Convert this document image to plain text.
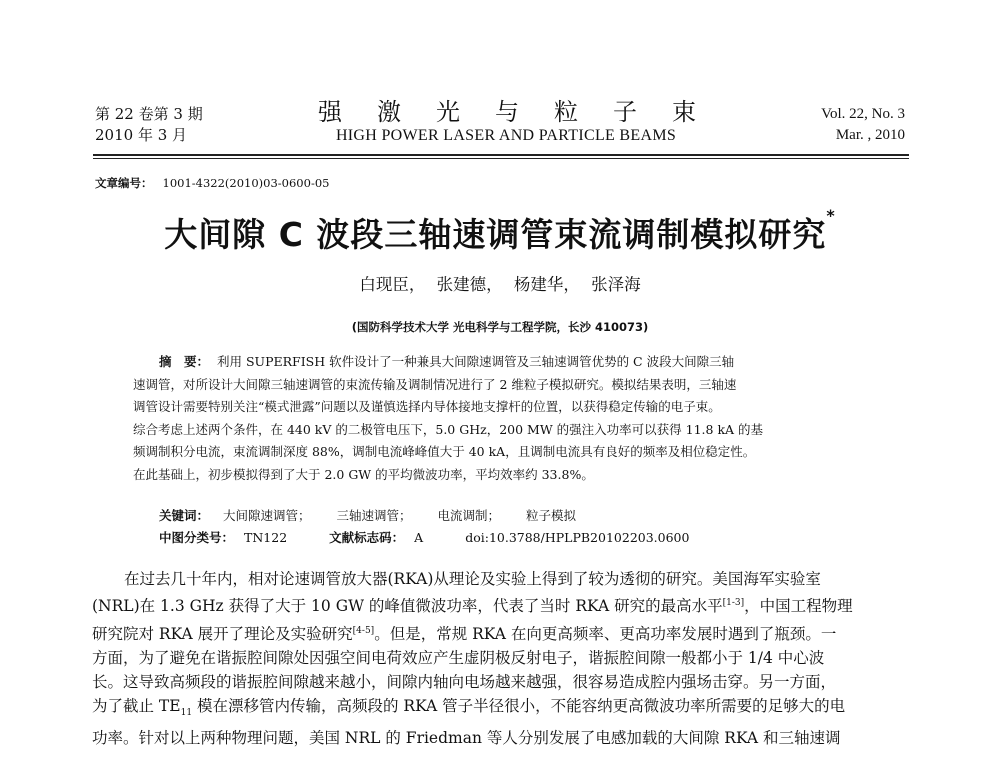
第 22 卷第 3 期
2010 年 3 月
强 激 光 与 粒 子 束
HIGH POWER LASER AND PARTICLE BEAMS
Vol. 22, No. 3
Mar. , 2010
文章编号： 1001-4322(2010)03-0600-05
大间隙 C 波段三轴速调管束流调制模拟研究*
白现臣， 张建德， 杨建华， 张泽海
(国防科学技术大学 光电科学与工程学院，长沙 410073)
摘　要： 利用 SUPERFISH 软件设计了一种兼具大间隙速调管及三轴速调管优势的 C 波段大间隙三轴
速调管，对所设计大间隙三轴速调管的束流传输及调制情况进行了 2 维粒子模拟研究。模拟结果表明，三轴速
调管设计需要特别关注“模式泄露”问题以及谨慎选择内导体接地支撑杆的位置，以获得稳定传输的电子束。
综合考虑上述两个条件，在 440 kV 的二极管电压下，5.0 GHz，200 MW 的强注入功率可以获得 11.8 kA 的基
频调制积分电流，束流调制深度 88%，调制电流峰峰值大于 40 kA，且调制电流具有良好的频率及相位稳定性。
在此基础上，初步模拟得到了大于 2.0 GW 的平均微波功率，平均效率约 33.8%。
关键词： 大间隙速调管； 三轴速调管； 电流调制； 粒子模拟
中图分类号： TN122	文献标志码： A	doi:10.3788/HPLPB20102203.0600
在过去几十年内，相对论速调管放大器(RKA)从理论及实验上得到了较为透彻的研究。美国海军实验室
(NRL)在 1.3 GHz 获得了大于 10 GW 的峰值微波功率，代表了当时 RKA 研究的最高水平[1-3]，中国工程物理
研究院对 RKA 展开了理论及实验研究[4-5]。但是，常规 RKA 在向更高频率、更高功率发展时遇到了瓶颈。一
方面，为了避免在谐振腔间隙处因强空间电荷效应产生虚阴极反射电子，谐振腔间隙一般都小于 1/4 中心波
长。这导致高频段的谐振腔间隙越来越小，间隙内轴向电场越来越强，很容易造成腔内强场击穿。另一方面，
为了截止 $TE_{11}$ 模在漂移管内传输，高频段的 RKA 管子半径很小，不能容纳更高微波功率所需要的足够大的电
功率。针对以上两种物理问题，美国 NRL 的 Friedman 等人分别发展了电感加载的大间隙 RKA 和三轴速调
